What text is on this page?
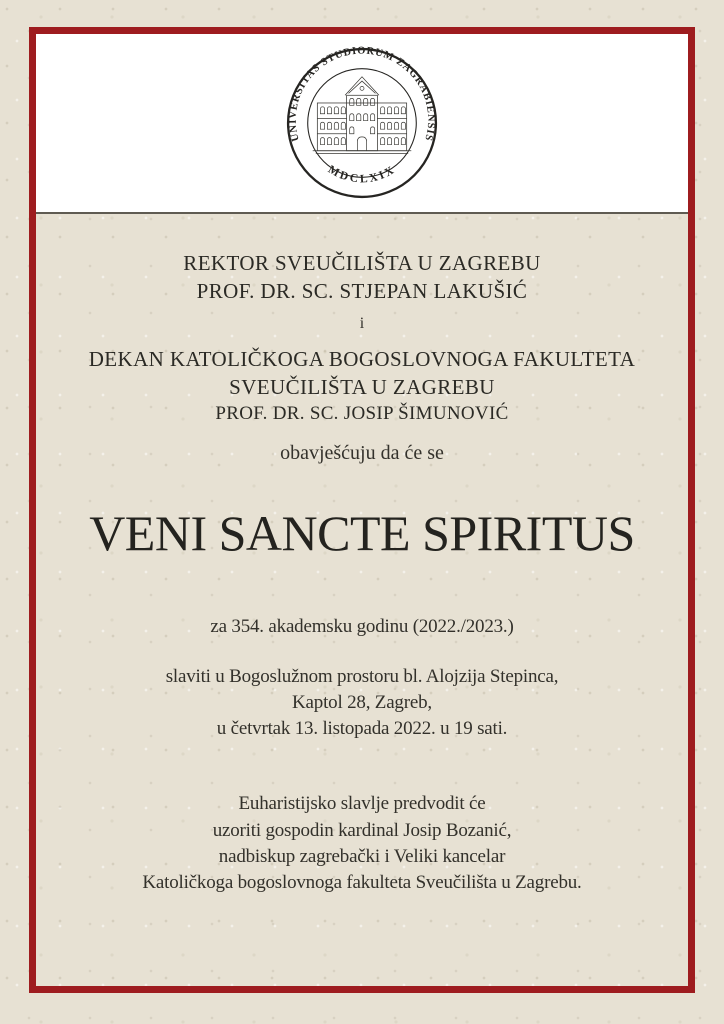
UNIVERSITAS STUDIORUM ZAGRABIENSIS
MDCLXIX

REKTOR SVEUČILIŠTA U ZAGREBU

PROF. DR. SC. STJEPAN LAKUŠIĆ

i

DEKAN KATOLIČKOGA BOGOSLOVNOGA FAKULTETA

SVEUČILIŠTA U ZAGREBU

PROF. DR. SC. JOSIP ŠIMUNOVIĆ

obavješćuju da će se

VENI SANCTE SPIRITUS

za 354. akademsku godinu (2022./2023.)

slaviti u Bogoslužnom prostoru bl. Alojzija Stepinca,

Kaptol 28, Zagreb,

u četvrtak 13. listopada 2022. u 19 sati.

Euharistijsko slavlje predvodit će

uzoriti gospodin kardinal Josip Bozanić,

nadbiskup zagrebački i Veliki kancelar

Katoličkoga bogoslovnoga fakulteta Sveučilišta u Zagrebu.
